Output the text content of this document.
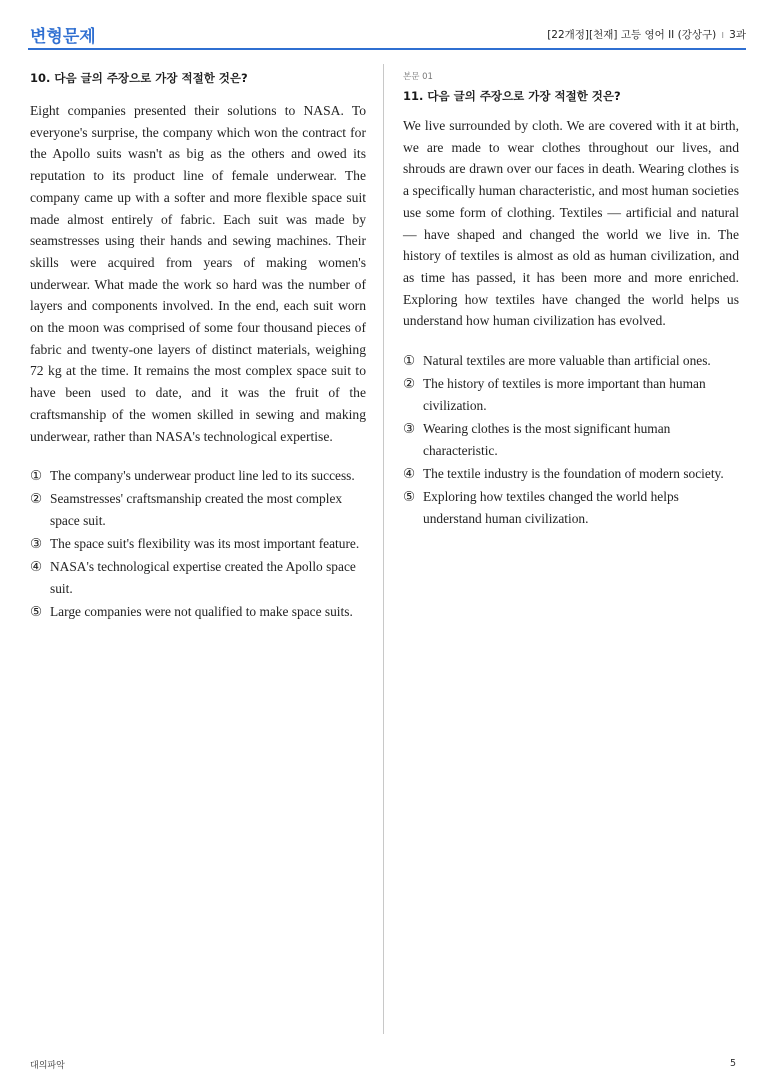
변형문제	[22개정][천재] 고등 영어 II (강상구) ı 3과

10. 다음 글의 주장으로 가장 적절한 것은?

Eight companies presented their solutions to NASA. To everyone's surprise, the company which won the contract for the Apollo suits wasn't as big as the others and owed its reputation to its product line of female underwear. The company came up with a softer and more flexible space suit made almost entirely of fabric. Each suit was made by seamstresses using their hands and sewing machines. Their skills were acquired from years of making women's underwear. What made the work so hard was the number of layers and components involved. In the end, each suit worn on the moon was comprised of some four thousand pieces of fabric and twenty-one layers of distinct materials, weighing 72 kg at the time. It remains the most complex space suit to have been used to date, and it was the fruit of the craftsmanship of the women skilled in sewing and making underwear, rather than NASA's technological expertise.

① The company's underwear product line led to its success.
② Seamstresses' craftsmanship created the most complex space suit.
③ The space suit's flexibility was its most important feature.
④ NASA's technological expertise created the Apollo space suit.
⑤ Large companies were not qualified to make space suits.

본문 01

11. 다음 글의 주장으로 가장 적절한 것은?

We live surrounded by cloth. We are covered with it at birth, we are made to wear clothes throughout our lives, and shrouds are drawn over our faces in death. Wearing clothes is a specifically human characteristic, and most human societies use some form of clothing. Textiles — artificial and natural — have shaped and changed the world we live in. The history of textiles is almost as old as human civilization, and as time has passed, it has been more and more enriched. Exploring how textiles have changed the world helps us understand how human civilization has evolved.

① Natural textiles are more valuable than artificial ones.
② The history of textiles is more important than human civilization.
③ Wearing clothes is the most significant human characteristic.
④ The textile industry is the foundation of modern society.
⑤ Exploring how textiles changed the world helps understand human civilization.
대의파악	5
